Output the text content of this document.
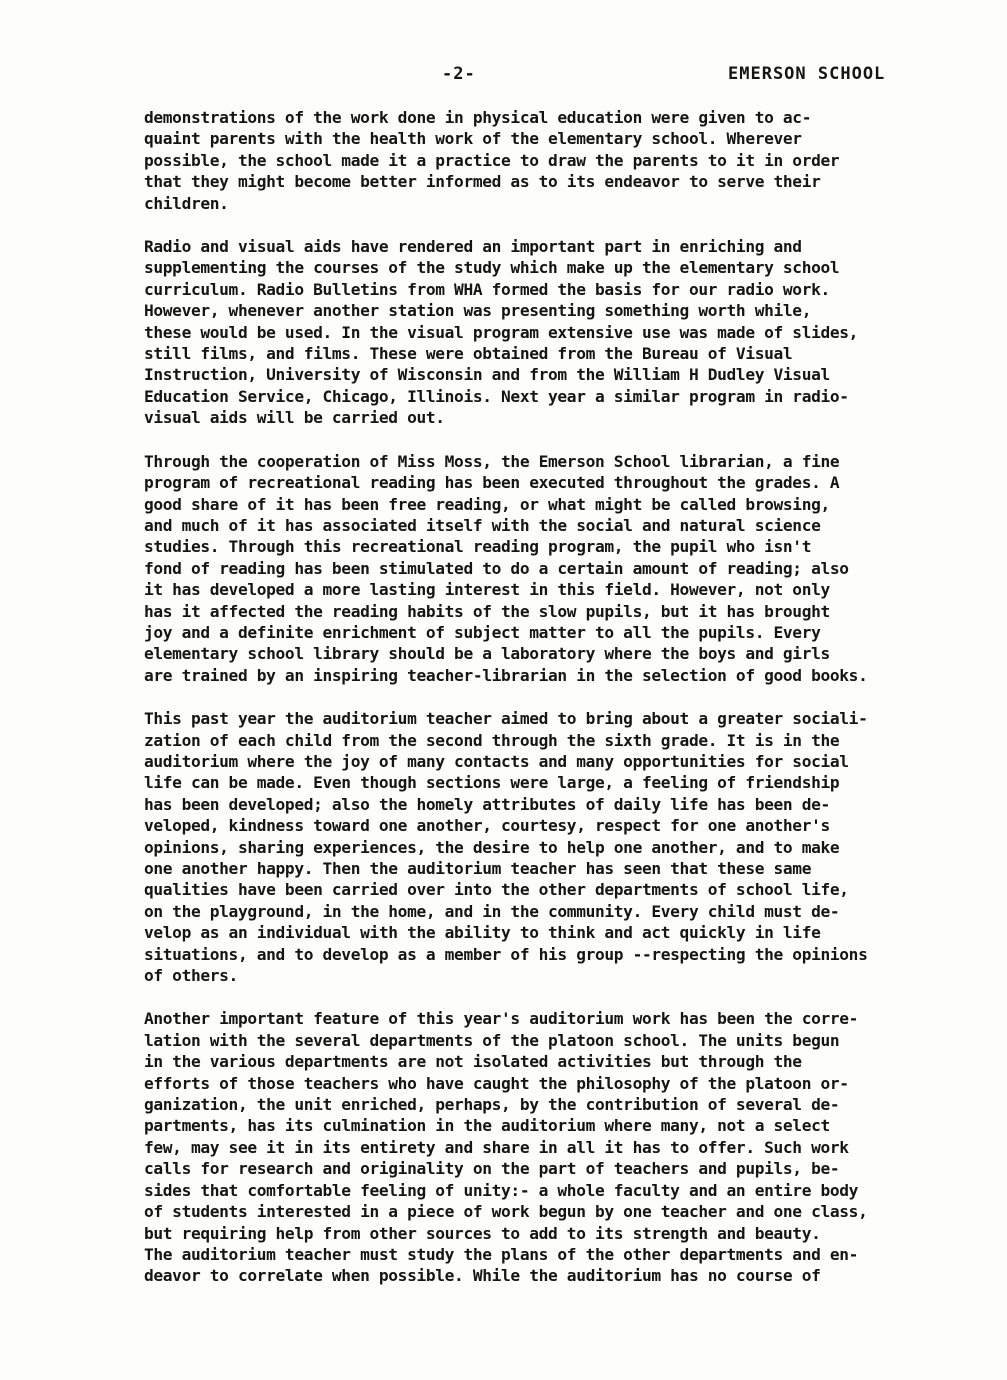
-2-	EMERSON SCHOOL
demonstrations of the work done in physical education were given to ac-
quaint parents with the health work of the elementary school. Wherever
possible, the school made it a practice to draw the parents to it in order
that they might become better informed as to its endeavor to serve their
children.
Radio and visual aids have rendered an important part in enriching and
supplementing the courses of the study which make up the elementary school
curriculum. Radio Bulletins from WHA formed the basis for our radio work.
However, whenever another station was presenting something worth while,
these would be used. In the visual program extensive use was made of slides,
still films, and films. These were obtained from the Bureau of Visual
Instruction, University of Wisconsin and from the William H Dudley Visual
Education Service, Chicago, Illinois. Next year a similar program in radio-
visual aids will be carried out.
Through the cooperation of Miss Moss, the Emerson School librarian, a fine
program of recreational reading has been executed throughout the grades. A
good share of it has been free reading, or what might be called browsing,
and much of it has associated itself with the social and natural science
studies. Through this recreational reading program, the pupil who isn't
fond of reading has been stimulated to do a certain amount of reading; also
it has developed a more lasting interest in this field. However, not only
has it affected the reading habits of the slow pupils, but it has brought
joy and a definite enrichment of subject matter to all the pupils. Every
elementary school library should be a laboratory where the boys and girls
are trained by an inspiring teacher-librarian in the selection of good books.
This past year the auditorium teacher aimed to bring about a greater sociali-
zation of each child from the second through the sixth grade. It is in the
auditorium where the joy of many contacts and many opportunities for social
life can be made. Even though sections were large, a feeling of friendship
has been developed; also the homely attributes of daily life has been de-
veloped, kindness toward one another, courtesy, respect for one another's
opinions, sharing experiences, the desire to help one another, and to make
one another happy. Then the auditorium teacher has seen that these same
qualities have been carried over into the other departments of school life,
on the playground, in the home, and in the community. Every child must de-
velop as an individual with the ability to think and act quickly in life
situations, and to develop as a member of his group --respecting the opinions
of others.
Another important feature of this year's auditorium work has been the corre-
lation with the several departments of the platoon school. The units begun
in the various departments are not isolated activities but through the
efforts of those teachers who have caught the philosophy of the platoon or-
ganization, the unit enriched, perhaps, by the contribution of several de-
partments, has its culmination in the auditorium where many, not a select
few, may see it in its entirety and share in all it has to offer. Such work
calls for research and originality on the part of teachers and pupils, be-
sides that comfortable feeling of unity:- a whole faculty and an entire body
of students interested in a piece of work begun by one teacher and one class,
but requiring help from other sources to add to its strength and beauty.
The auditorium teacher must study the plans of the other departments and en-
deavor to correlate when possible. While the auditorium has no course of
